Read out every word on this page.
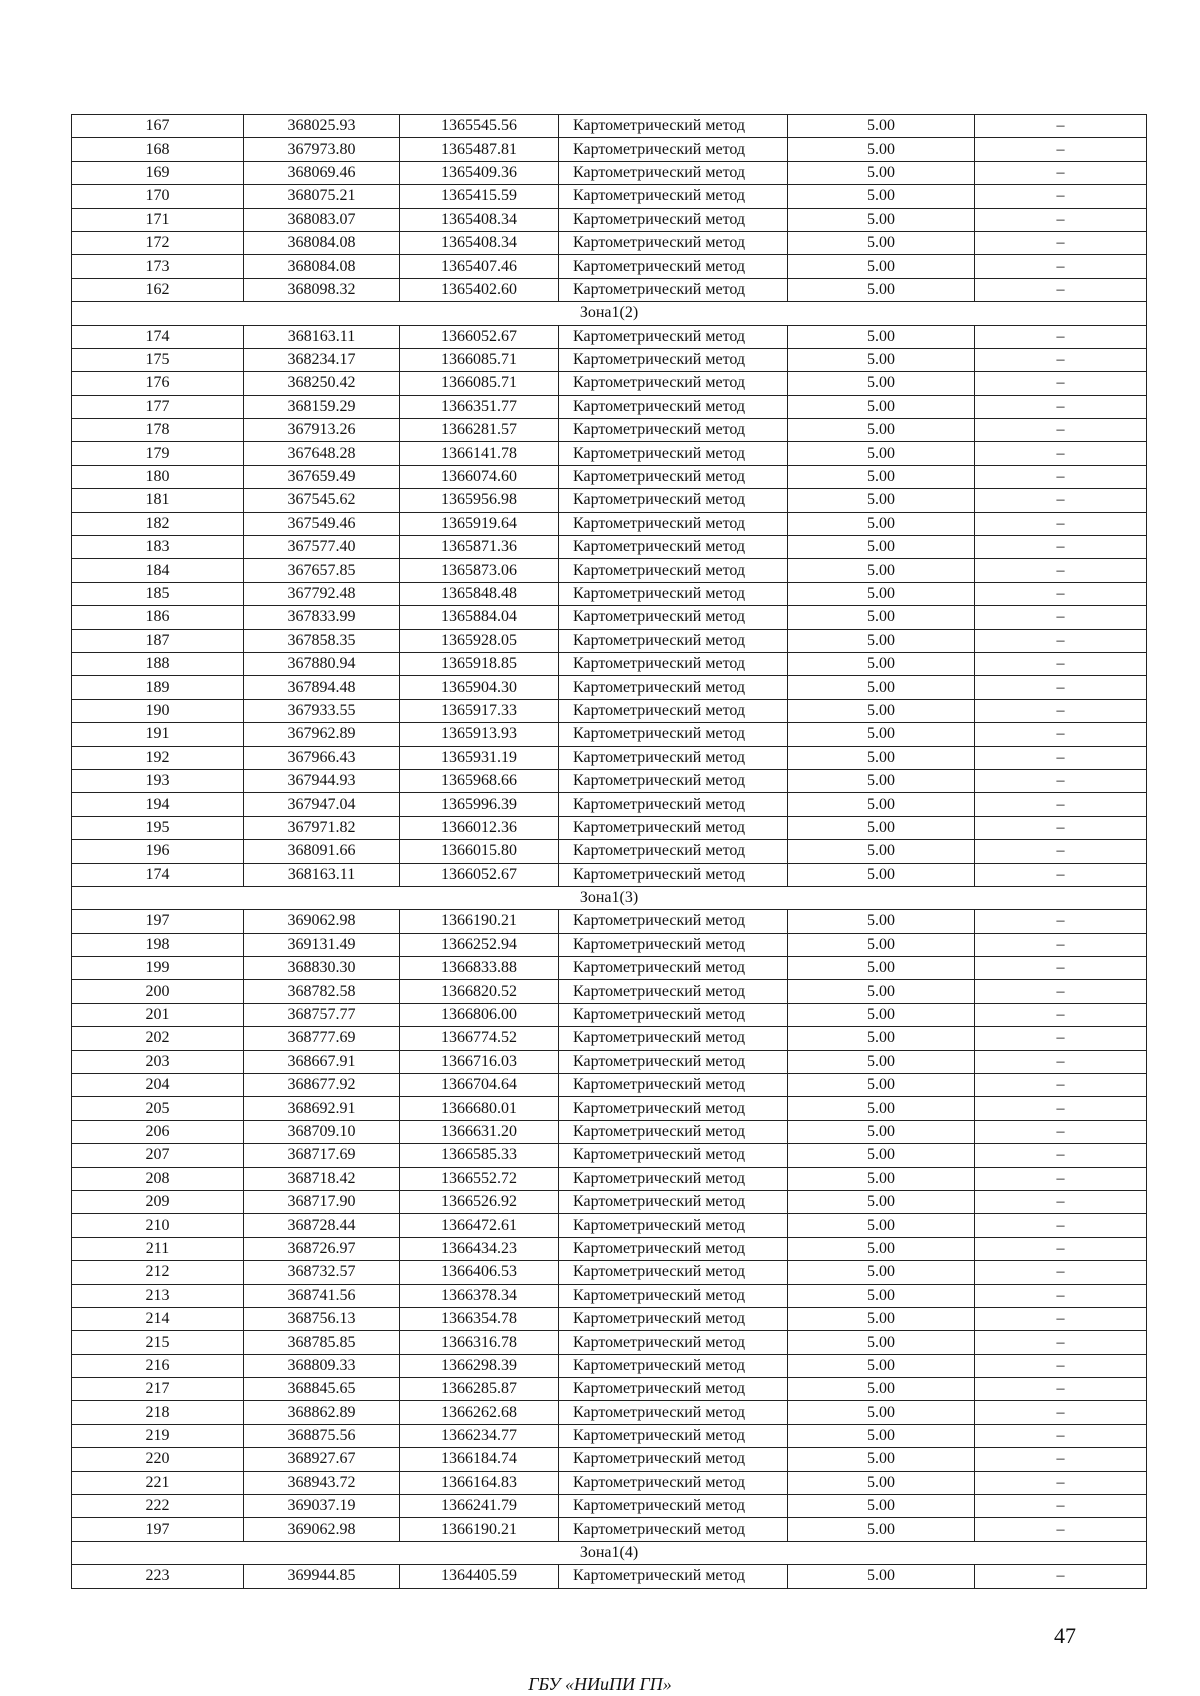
167	368025.93	1365545.56	Картометрический метод	5.00	–
168	367973.80	1365487.81	Картометрический метод	5.00	–
169	368069.46	1365409.36	Картометрический метод	5.00	–
170	368075.21	1365415.59	Картометрический метод	5.00	–
171	368083.07	1365408.34	Картометрический метод	5.00	–
172	368084.08	1365408.34	Картометрический метод	5.00	–
173	368084.08	1365407.46	Картометрический метод	5.00	–
162	368098.32	1365402.60	Картометрический метод	5.00	–
Зона1(2)					
174	368163.11	1366052.67	Картометрический метод	5.00	–
175	368234.17	1366085.71	Картометрический метод	5.00	–
176	368250.42	1366085.71	Картометрический метод	5.00	–
177	368159.29	1366351.77	Картометрический метод	5.00	–
178	367913.26	1366281.57	Картометрический метод	5.00	–
179	367648.28	1366141.78	Картометрический метод	5.00	–
180	367659.49	1366074.60	Картометрический метод	5.00	–
181	367545.62	1365956.98	Картометрический метод	5.00	–
182	367549.46	1365919.64	Картометрический метод	5.00	–
183	367577.40	1365871.36	Картометрический метод	5.00	–
184	367657.85	1365873.06	Картометрический метод	5.00	–
185	367792.48	1365848.48	Картометрический метод	5.00	–
186	367833.99	1365884.04	Картометрический метод	5.00	–
187	367858.35	1365928.05	Картометрический метод	5.00	–
188	367880.94	1365918.85	Картометрический метод	5.00	–
189	367894.48	1365904.30	Картометрический метод	5.00	–
190	367933.55	1365917.33	Картометрический метод	5.00	–
191	367962.89	1365913.93	Картометрический метод	5.00	–
192	367966.43	1365931.19	Картометрический метод	5.00	–
193	367944.93	1365968.66	Картометрический метод	5.00	–
194	367947.04	1365996.39	Картометрический метод	5.00	–
195	367971.82	1366012.36	Картометрический метод	5.00	–
196	368091.66	1366015.80	Картометрический метод	5.00	–
174	368163.11	1366052.67	Картометрический метод	5.00	–
Зона1(3)					
197	369062.98	1366190.21	Картометрический метод	5.00	–
198	369131.49	1366252.94	Картометрический метод	5.00	–
199	368830.30	1366833.88	Картометрический метод	5.00	–
200	368782.58	1366820.52	Картометрический метод	5.00	–
201	368757.77	1366806.00	Картометрический метод	5.00	–
202	368777.69	1366774.52	Картометрический метод	5.00	–
203	368667.91	1366716.03	Картометрический метод	5.00	–
204	368677.92	1366704.64	Картометрический метод	5.00	–
205	368692.91	1366680.01	Картометрический метод	5.00	–
206	368709.10	1366631.20	Картометрический метод	5.00	–
207	368717.69	1366585.33	Картометрический метод	5.00	–
208	368718.42	1366552.72	Картометрический метод	5.00	–
209	368717.90	1366526.92	Картометрический метод	5.00	–
210	368728.44	1366472.61	Картометрический метод	5.00	–
211	368726.97	1366434.23	Картометрический метод	5.00	–
212	368732.57	1366406.53	Картометрический метод	5.00	–
213	368741.56	1366378.34	Картометрический метод	5.00	–
214	368756.13	1366354.78	Картометрический метод	5.00	–
215	368785.85	1366316.78	Картометрический метод	5.00	–
216	368809.33	1366298.39	Картометрический метод	5.00	–
217	368845.65	1366285.87	Картометрический метод	5.00	–
218	368862.89	1366262.68	Картометрический метод	5.00	–
219	368875.56	1366234.77	Картометрический метод	5.00	–
220	368927.67	1366184.74	Картометрический метод	5.00	–
221	368943.72	1366164.83	Картометрический метод	5.00	–
222	369037.19	1366241.79	Картометрический метод	5.00	–
197	369062.98	1366190.21	Картометрический метод	5.00	–
Зона1(4)					
223	369944.85	1364405.59	Картометрический метод	5.00	–
47
ГБУ «НИиПИ ГП»
